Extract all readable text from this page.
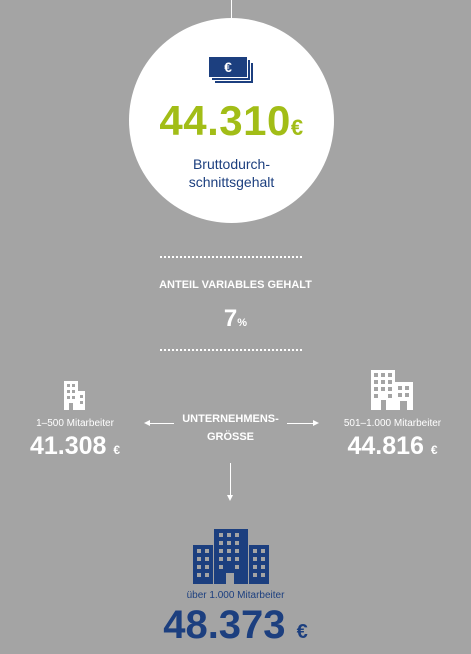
€
44.310€
Bruttodurch-
schnittsgehalt
ANTEIL VARIABLES GEHALT
7%
1–500 Mitarbeiter
41.308 €
UNTERNEHMENS-
GRÖSSE
501–1.000 Mitarbeiter
44.816 €
über 1.000 Mitarbeiter
48.373 €
